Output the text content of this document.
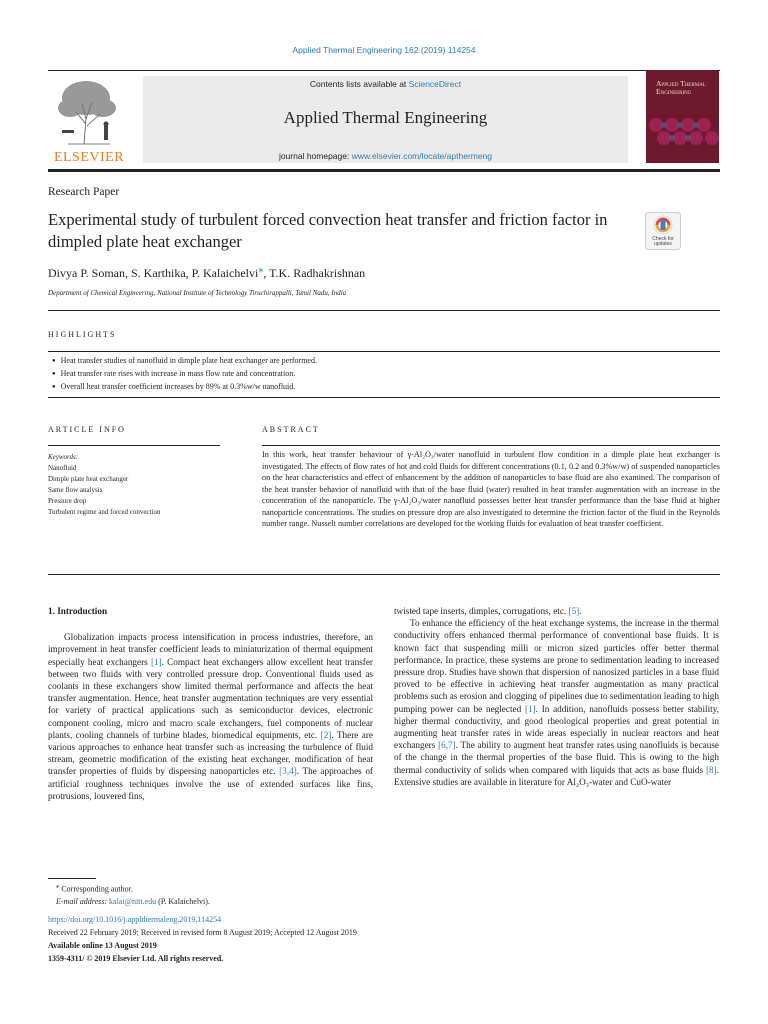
Applied Thermal Engineering 162 (2019) 114254
ELSEVIER
Contents lists available at ScienceDirect
Applied Thermal Engineering
journal homepage: www.elsevier.com/locate/apthermeng
Applied Thermal Engineering
Research Paper
Experimental study of turbulent forced convection heat transfer and friction factor in dimpled plate heat exchanger	Check for updates
Divya P. Soman, S. Karthika, P. Kalaichelvi⁎, T.K. Radhakrishnan
Department of Chemical Engineering, National Institute of Technology Tiruchirappalli, Tamil Nadu, India
HIGHLIGHTS
● Heat transfer studies of nanofluid in dimple plate heat exchanger are performed.
● Heat transfer rate rises with increase in mass flow rate and concentration.
● Overall heat transfer coefficient increases by 89% at 0.3%w/w nanofluid.
ARTICLE INFO	ABSTRACT
Keywords:
Nanofluid
Dimple plate heat exchanger
Same flow analysis
Pressure drop
Turbulent regime and forced convection
In this work, heat transfer behaviour of γ-Al₂O₃/water nanofluid in turbulent flow condition in a dimple plate heat exchanger is investigated. The effects of flow rates of hot and cold fluids for different concentrations (0.1, 0.2 and 0.3%w/w) of suspended nanoparticles on the heat characteristics and effect of enhancement by the addition of nanoparticles to base fluid are also examined. The comparison of the heat transfer behavior of nanofluid with that of the base fluid (water) resulted in heat transfer augmentation with an increase in the concentration of the nanoparticle. The γ-Al₂O₃/water nanofluid possesses better heat transfer performance than the base fluid at higher nanoparticle concentrations. The studies on pressure drop are also investigated to determine the friction factor of the fluid in the Reynolds number range. Nusselt number correlations are developed for the working fluids for evaluation of heat transfer coefficient.

1. Introduction

Globalization impacts process intensification in process industries, therefore, an improvement in heat transfer coefficient leads to miniaturization of thermal equipment especially heat exchangers [1]. Compact heat exchangers allow excellent heat transfer between two fluids with very controlled pressure drop. Conventional fluids used as coolants in these exchangers show limited thermal performance and affects the heat transfer augmentation. Hence, heat transfer augmentation techniques are very essential for variety of practical applications such as semiconductor devices, electronic component cooling, micro and macro scale exchangers, fuel components of nuclear plants, cooling channels of turbine blades, biomedical equipments, etc. [2]. There are various approaches to enhance heat transfer such as increasing the turbulence of fluid stream, geometric modification of the existing heat exchanger, modification of heat transfer properties of fluids by dispersing nanoparticles etc. [3,4]. The approaches of artificial roughness techniques involve the use of extended surfaces like fins, protrusions, louvered fins,

twisted tape inserts, dimples, corrugations, etc. [5].

To enhance the efficiency of the heat exchange systems, the increase in the thermal conductivity offers enhanced thermal performance of conventional base fluids. It is known fact that suspending milli or micron sized particles offer better thermal performance. In practice, these systems are prone to sedimentation leading to increased pressure drop. Studies have shown that dispersion of nanosized particles in a base fluid proved to be effective in achieving heat transfer augmentation as many practical problems such as erosion and clogging of pipelines due to sedimentation leading to high pumping power can be neglected [1]. In addition, nanofluids possess better stability, higher thermal conductivity, and good rheological properties and great potential in augmenting heat transfer rates in wide areas especially in nuclear reactors and heat exchangers [6,7]. The ability to augment heat transfer rates using nanofluids is because of the change in the thermal properties of the base fluid. This is owing to the high thermal conductivity of solids when compared with liquids that acts as base fluids [8]. Extensive studies are available in literature for Al₂O₃-water and CuO-water

⁎ Corresponding author.
E-mail address: kalai@nitt.edu (P. Kalaichelvi).
https://doi.org/10.1016/j.applthermaleng.2019.114254
Received 22 February 2019; Received in revised form 8 August 2019; Accepted 12 August 2019
Available online 13 August 2019
1359-4311/ © 2019 Elsevier Ltd. All rights reserved.
